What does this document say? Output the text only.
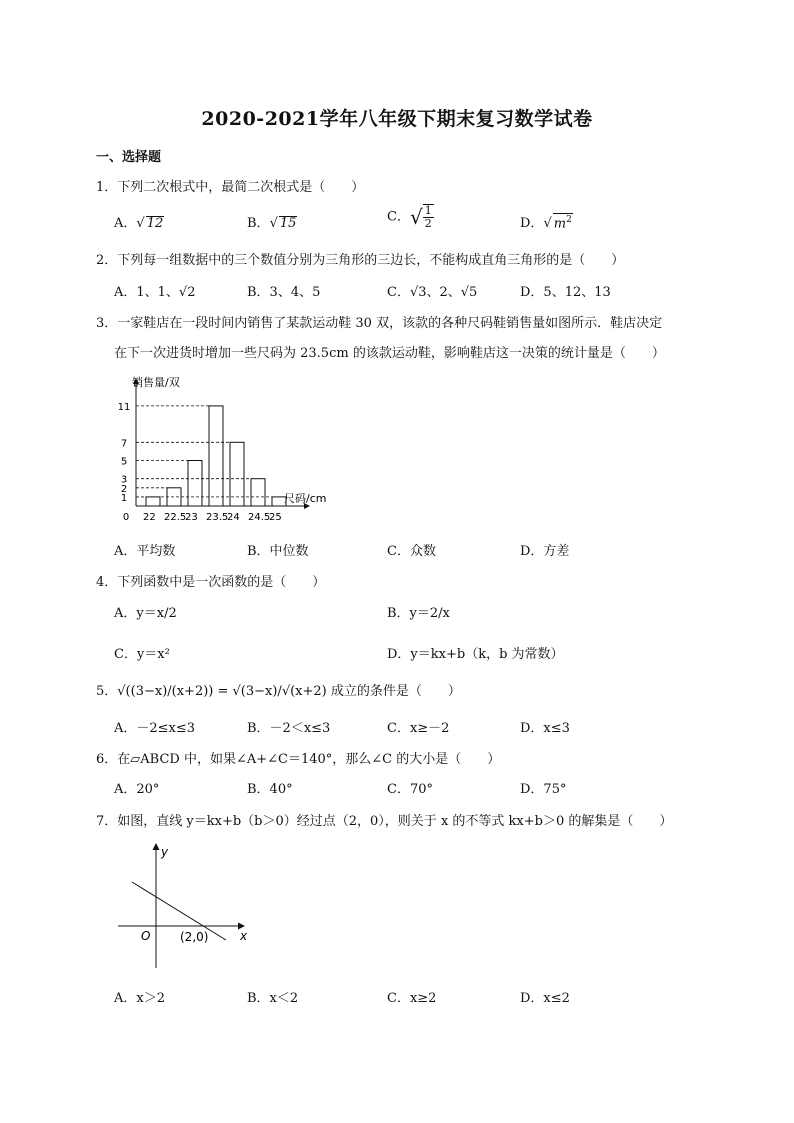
2020-2021学年八年级下期末复习数学试卷
一、选择题
1．下列二次根式中，最简二次根式是（　　）
A．√ 12	B．√ 15	C．√ $\frac{1}{2}$	D．√ $m^2$
2．下列每一组数据中的三个数值分别为三角形的三边长，不能构成直角三角形的是（　　）
A．1、1、√2	B．3、4、5	C．√3、2、√5	D．5、12、13
3．一家鞋店在一段时间内销售了某款运动鞋 30 双，该款的各种尺码鞋销售量如图所示．鞋店决定
在下一次进货时增加一些尺码为 23.5cm 的该款运动鞋，影响鞋店这一决策的统计量是（　　）
22 22.5
23 23.5
24 24.5
25
0
1
2
3
5
7
11
销售量/双
尺码/cm
A．平均数	B．中位数	C．众数	D．方差
4．下列函数中是一次函数的是（　　）
A．y＝x/2	B．y＝2/x
C．y＝x²	D．y＝kx+b（k，b 为常数）
5．√((3−x)/(x+2)) = √(3−x)/√(x+2) 成立的条件是（　　）
A．－2≤x≤3	B．－2＜x≤3	C．x≥－2	D．x≤3
6．在▱ABCD 中，如果∠A+∠C＝140°，那么∠C 的大小是（　　）
A．20°	B．40°	C．70°	D．75°
7．如图，直线 y＝kx+b（b＞0）经过点（2，0），则关于 x 的不等式 kx+b＞0 的解集是（　　）
y
x
O (2,0)
A．x＞2	B．x＜2	C．x≥2	D．x≤2
